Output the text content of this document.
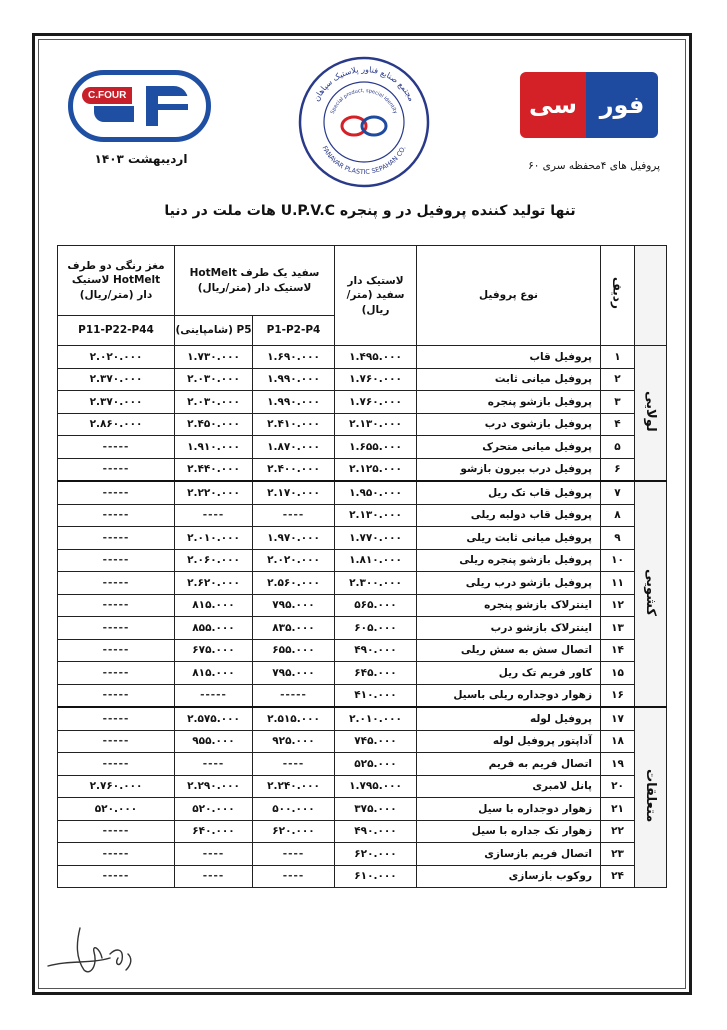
C.FOUR
اردیبهشت ۱۴۰۳
مجتمع صنایع فناور پلاستیک سپاهان
FANAVAR PLASTIC SEPAHAN CO.
Special product, special identity	سی فور
پروفیل های ۴محفظه سری ۶۰
تنها تولید کننده پروفیل در و پنجره U.P.V.C هات ملت در دنیا
	ردیف	نوع پروفیل	لاستیک دار سفید (متر/ریال)	سفید یک طرف HotMelt لاستیک دار (متر/ریال)		مغز رنگی دو طرف HotMelt لاستیک دار (متر/ریال)
				P1-P2-P4	P5 (شامپاینی)	P11-P22-P44
لولایی	۱	پروفیل قاب	۱.۴۹۵.۰۰۰	۱.۶۹۰.۰۰۰	۱.۷۳۰.۰۰۰	۲.۰۲۰.۰۰۰
	۲	پروفیل میانی ثابت	۱.۷۶۰.۰۰۰	۱.۹۹۰.۰۰۰	۲.۰۳۰.۰۰۰	۲.۳۷۰.۰۰۰
	۳	پروفیل بازشو پنجره	۱.۷۶۰.۰۰۰	۱.۹۹۰.۰۰۰	۲.۰۳۰.۰۰۰	۲.۳۷۰.۰۰۰
	۴	پروفیل بازشوی درب	۲.۱۳۰.۰۰۰	۲.۴۱۰.۰۰۰	۲.۴۵۰.۰۰۰	۲.۸۶۰.۰۰۰
	۵	پروفیل میانی متحرک	۱.۶۵۵.۰۰۰	۱.۸۷۰.۰۰۰	۱.۹۱۰.۰۰۰	-----
	۶	پروفیل درب بیرون بازشو	۲.۱۲۵.۰۰۰	۲.۴۰۰.۰۰۰	۲.۴۴۰.۰۰۰	-----
کشویی	۷	پروفیل قاب تک ریل	۱.۹۵۰.۰۰۰	۲.۱۷۰.۰۰۰	۲.۲۲۰.۰۰۰	-----
	۸	پروفیل قاب دولبه ریلی	۲.۱۳۰.۰۰۰	----	----	-----
	۹	پروفیل میانی ثابت ریلی	۱.۷۷۰.۰۰۰	۱.۹۷۰.۰۰۰	۲.۰۱۰.۰۰۰	-----
	۱۰	پروفیل بازشو پنجره ریلی	۱.۸۱۰.۰۰۰	۲.۰۲۰.۰۰۰	۲.۰۶۰.۰۰۰	-----
	۱۱	پروفیل بازشو درب ریلی	۲.۳۰۰.۰۰۰	۲.۵۶۰.۰۰۰	۲.۶۲۰.۰۰۰	-----
	۱۲	اینترلاک بازشو پنجره	۵۶۵.۰۰۰	۷۹۵.۰۰۰	۸۱۵.۰۰۰	-----
	۱۳	اینترلاک بازشو درب	۶۰۵.۰۰۰	۸۳۵.۰۰۰	۸۵۵.۰۰۰	-----
	۱۴	اتصال سش به سش ریلی	۴۹۰.۰۰۰	۶۵۵.۰۰۰	۶۷۵.۰۰۰	-----
	۱۵	کاور فریم تک ریل	۶۴۵.۰۰۰	۷۹۵.۰۰۰	۸۱۵.۰۰۰	-----
	۱۶	زهوار دوجداره ریلی باسیل	۴۱۰.۰۰۰	-----	-----	-----
متعلقات	۱۷	پروفیل لوله	۲.۰۱۰.۰۰۰	۲.۵۱۵.۰۰۰	۲.۵۷۵.۰۰۰	-----
	۱۸	آداپتور پروفیل لوله	۷۴۵.۰۰۰	۹۲۵.۰۰۰	۹۵۵.۰۰۰	-----
	۱۹	اتصال فریم به فریم	۵۲۵.۰۰۰	----	----	-----
	۲۰	پانل لامبری	۱.۷۹۵.۰۰۰	۲.۲۴۰.۰۰۰	۲.۲۹۰.۰۰۰	۲.۷۶۰.۰۰۰
	۲۱	زهوار دوجداره با سیل	۳۷۵.۰۰۰	۵۰۰.۰۰۰	۵۲۰.۰۰۰	۵۲۰.۰۰۰
	۲۲	زهوار تک جداره با سیل	۴۹۰.۰۰۰	۶۲۰.۰۰۰	۶۴۰.۰۰۰	-----
	۲۳	اتصال فریم بازسازی	۶۲۰.۰۰۰	----	----	-----
	۲۴	روکوب بازسازی	۶۱۰.۰۰۰	----	----	-----
